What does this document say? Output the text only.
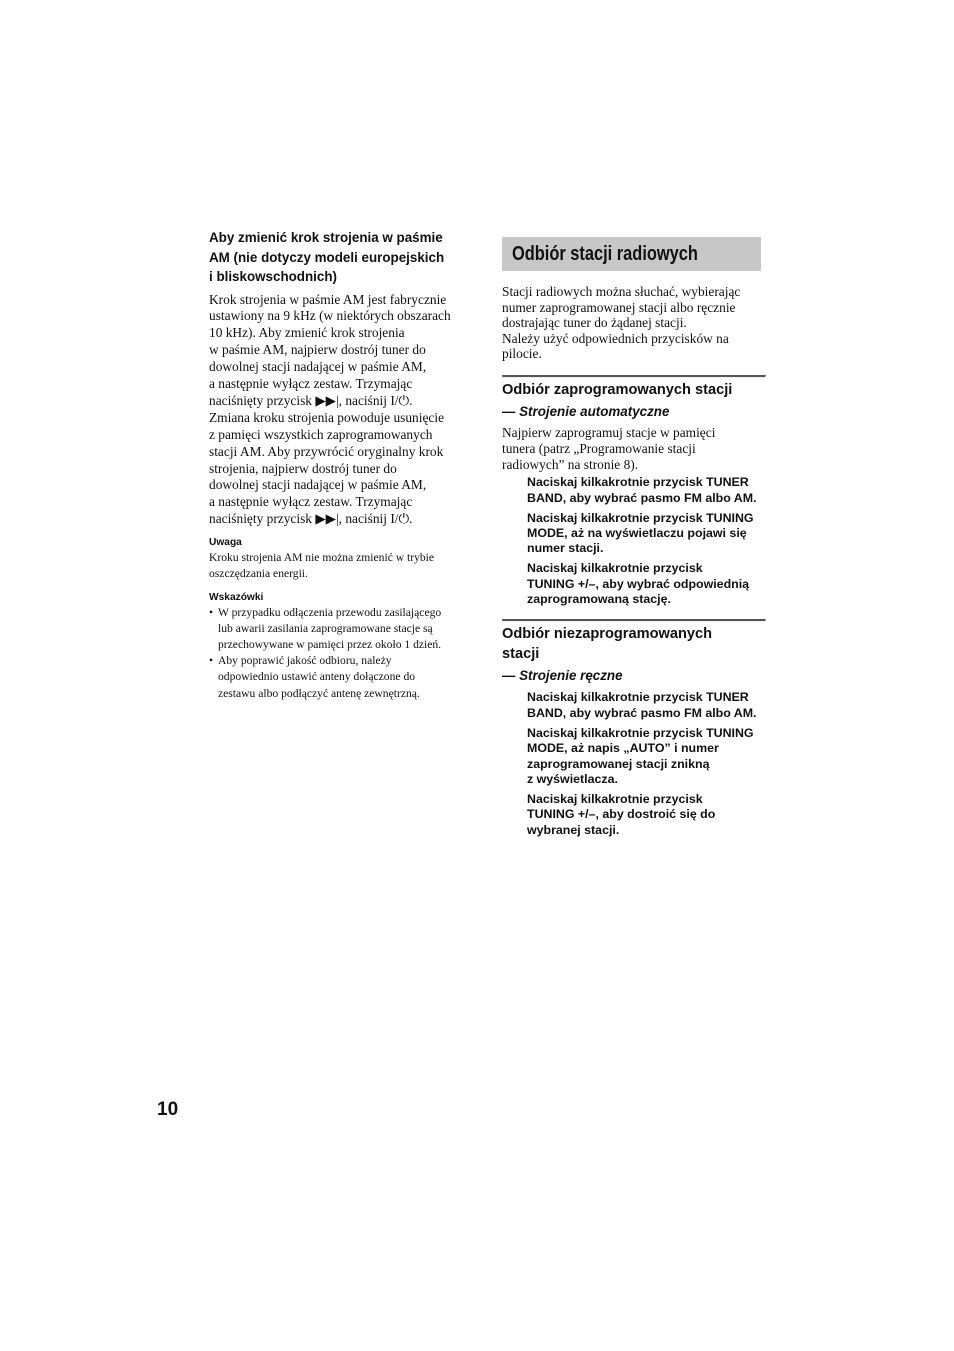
Aby zmienić krok strojenia w paśmie
AM (nie dotyczy modeli europejskich
i bliskowschodnich)

Krok strojenia w paśmie AM jest fabrycznie
ustawiony na 9 kHz (w niektórych obszarach
10 kHz). Aby zmienić krok strojenia
w paśmie AM, najpierw dostrój tuner do
dowolnej stacji nadającej w paśmie AM,
a następnie wyłącz zestaw. Trzymając
naciśnięty przycisk ▶▶|, naciśnij I/⏻.
Zmiana kroku strojenia powoduje usunięcie
z pamięci wszystkich zaprogramowanych
stacji AM. Aby przywrócić oryginalny krok
strojenia, najpierw dostrój tuner do
dowolnej stacji nadającej w paśmie AM,
a następnie wyłącz zestaw. Trzymając
naciśnięty przycisk ▶▶|, naciśnij I/⏻.

Uwaga

Kroku strojenia AM nie można zmienić w trybie
oszczędzania energii.

Wskazówki

• W przypadku odłączenia przewodu zasilającego
lub awarii zasilania zaprogramowane stacje są
przechowywane w pamięci przez około 1 dzień.
• Aby poprawić jakość odbioru, należy
odpowiednio ustawić anteny dołączone do
zestawu albo podłączyć antenę zewnętrzną.
Odbiór stacji radiowych

Stacji radiowych można słuchać, wybierając
numer zaprogramowanej stacji albo ręcznie
dostrajając tuner do żądanej stacji.
Należy użyć odpowiednich przycisków na
pilocie.

Odbiór zaprogramowanych stacji

— Strojenie automatyczne

Najpierw zaprogramuj stacje w pamięci
tunera (patrz „Programowanie stacji
radiowych” na stronie 8).

Naciskaj kilkakrotnie przycisk TUNER
BAND, aby wybrać pasmo FM albo AM.
Naciskaj kilkakrotnie przycisk TUNING
MODE, aż na wyświetlaczu pojawi się
numer stacji.
Naciskaj kilkakrotnie przycisk
TUNING +/–, aby wybrać odpowiednią
zaprogramowaną stację.
Odbiór niezaprogramowanych
stacji

— Strojenie ręczne

Naciskaj kilkakrotnie przycisk TUNER
BAND, aby wybrać pasmo FM albo AM.
Naciskaj kilkakrotnie przycisk TUNING
MODE, aż napis „AUTO” i numer
zaprogramowanej stacji znikną
z wyświetlacza.
Naciskaj kilkakrotnie przycisk
TUNING +/–, aby dostroić się do
wybranej stacji.
10
